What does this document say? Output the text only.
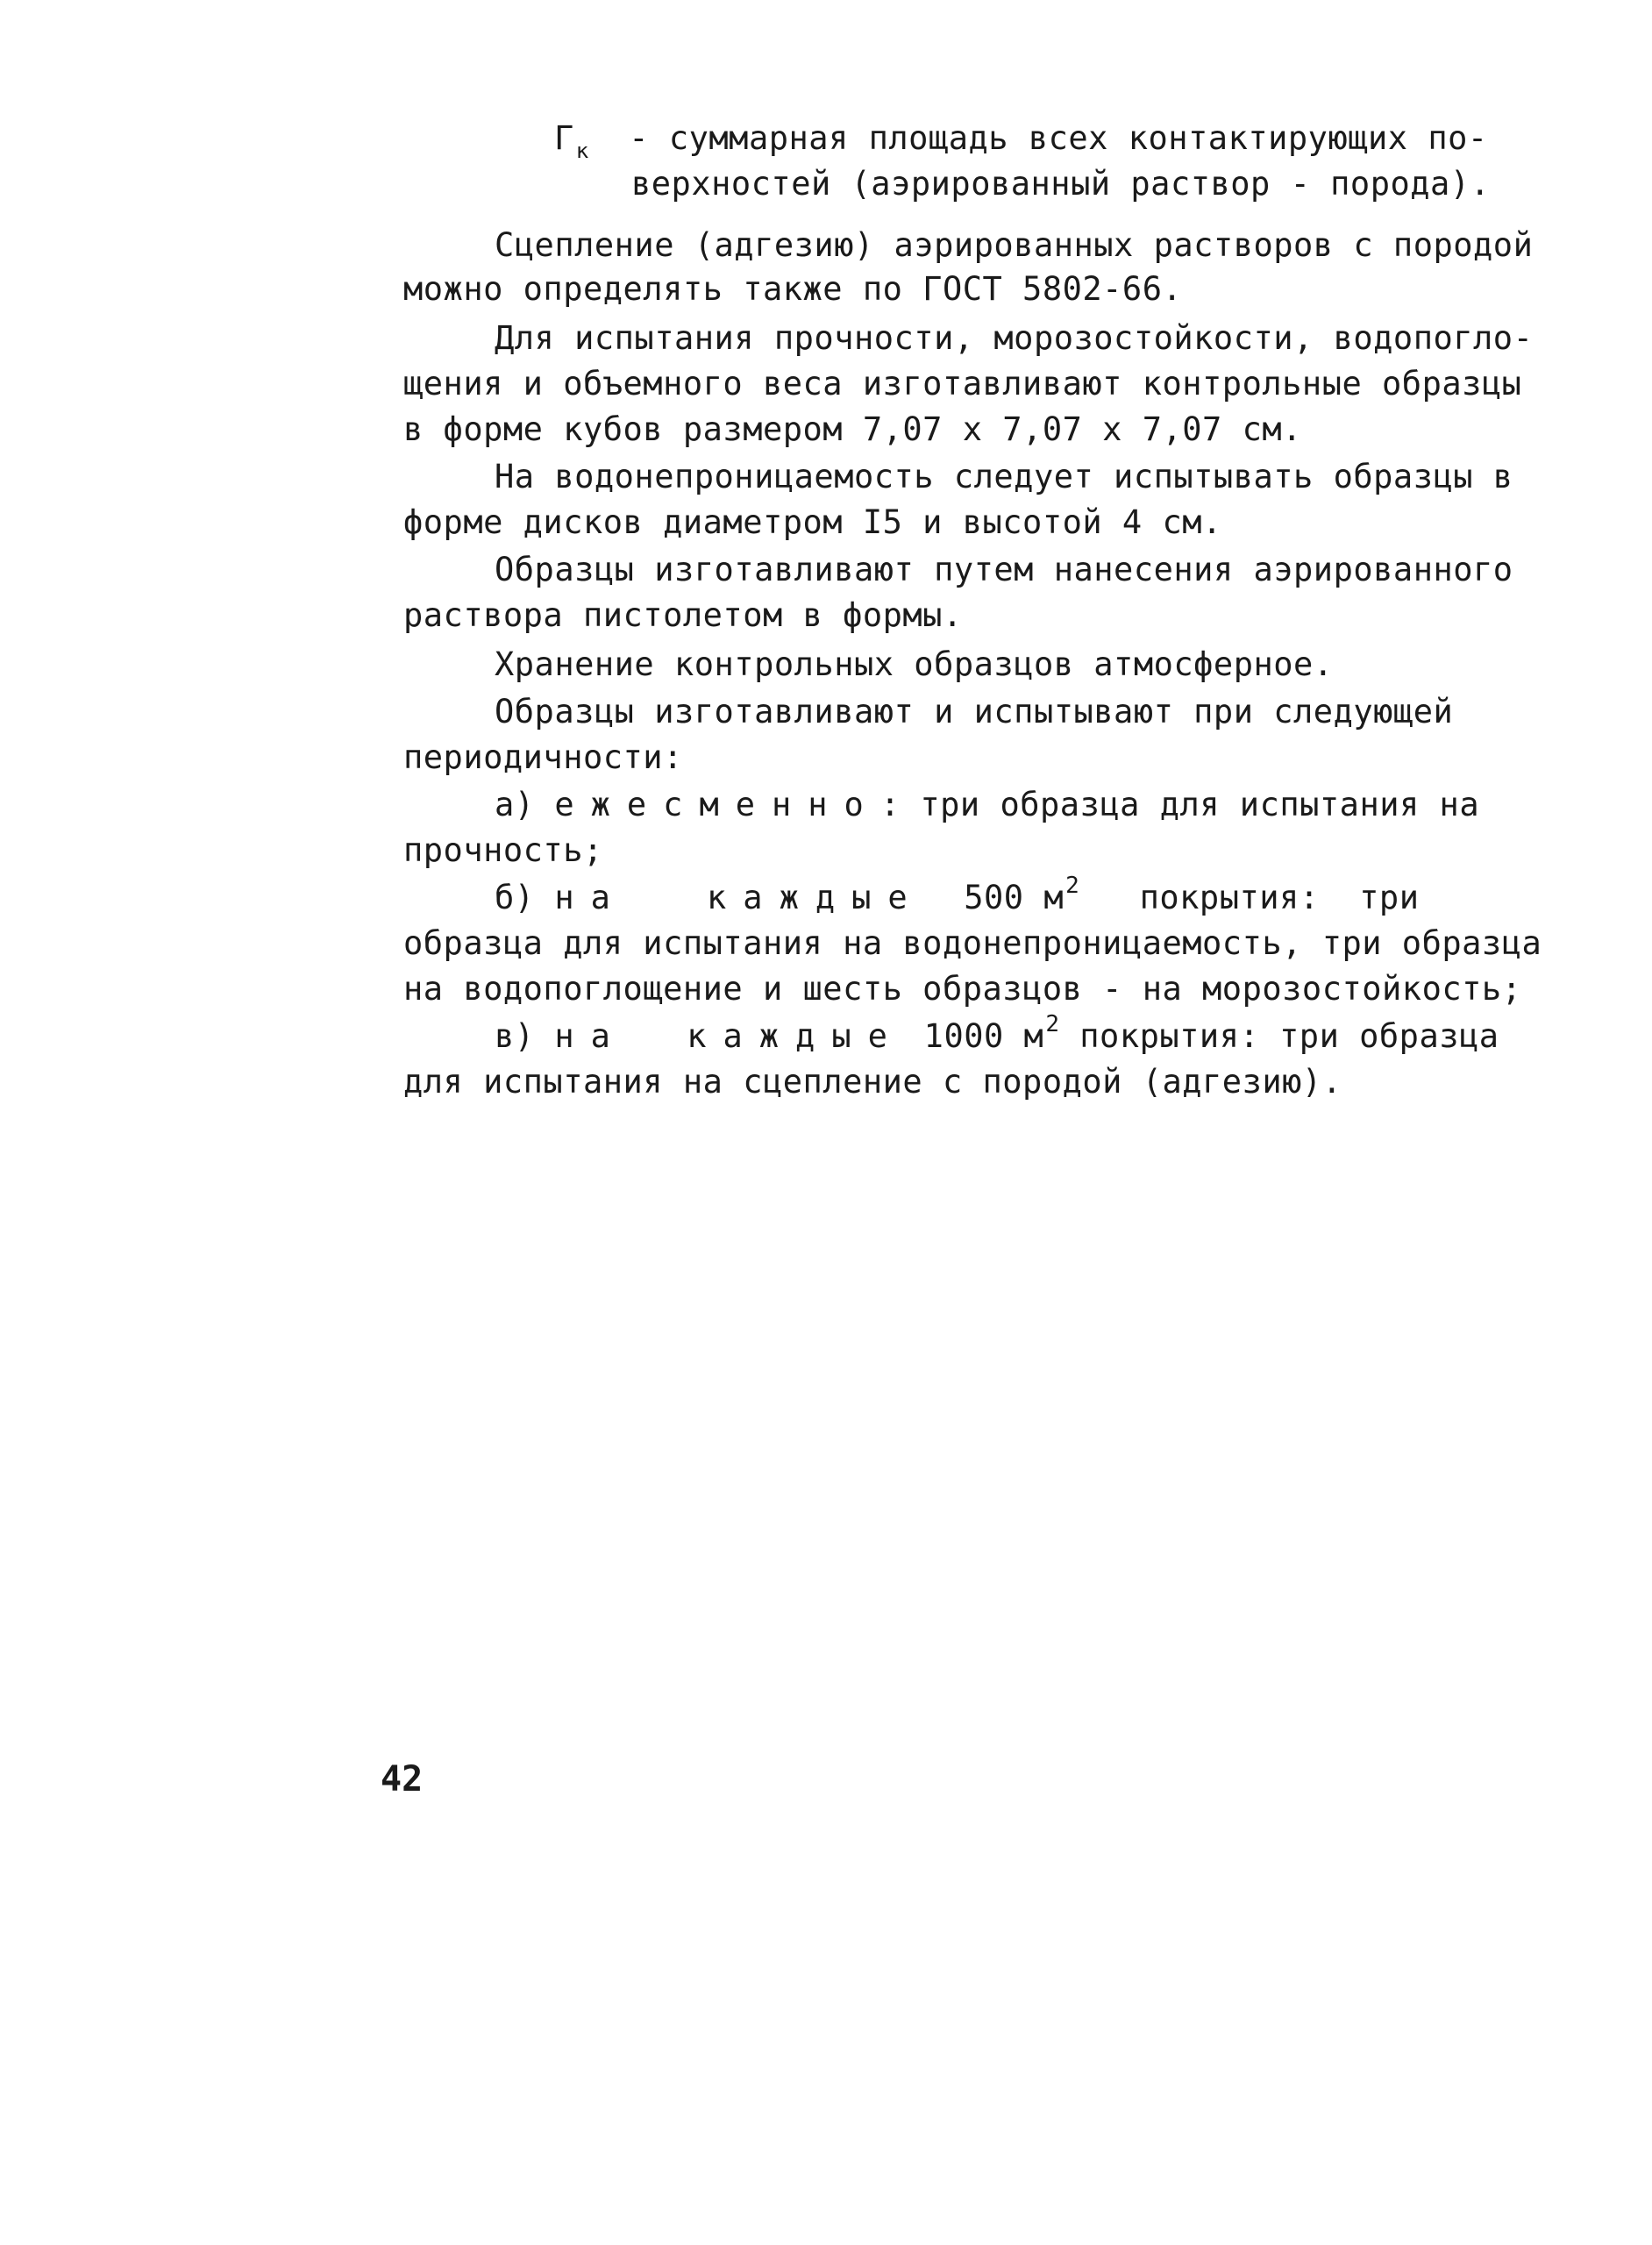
$Г_к$ - суммарная площадь всех контактирующих по-
верхностей (аэрированный раствор - порода).
Сцепление (адгезию) аэрированных растворов с породой
можно определять также по ГОСТ 5802-66.
Для испытания прочности, морозостойкости, водопогло-
щения и объемного веса изготавливают контрольные образцы
в форме кубов размером 7,07 x 7,07 x 7,07 см.
На водонепроницаемость следует испытывать образцы в
форме дисков диаметром I5 и высотой 4 см.
Образцы изготавливают путем нанесения аэрированного
раствора пистолетом в формы.
Хранение контрольных образцов атмосферное.
Образцы изготавливают и испытывают при следующей
периодичности:
а) ежесменно: три образца для испытания на
прочность;
б) на каждые 500 $м^2$ покрытия:  три
образца для испытания на водонепроницаемость, три образца
на водопоглощение и шесть образцов - на морозостойкость;
в) на каждые 1000 $м^2$ покрытия: три образца
для испытания на сцепление с породой (адгезию).
42
